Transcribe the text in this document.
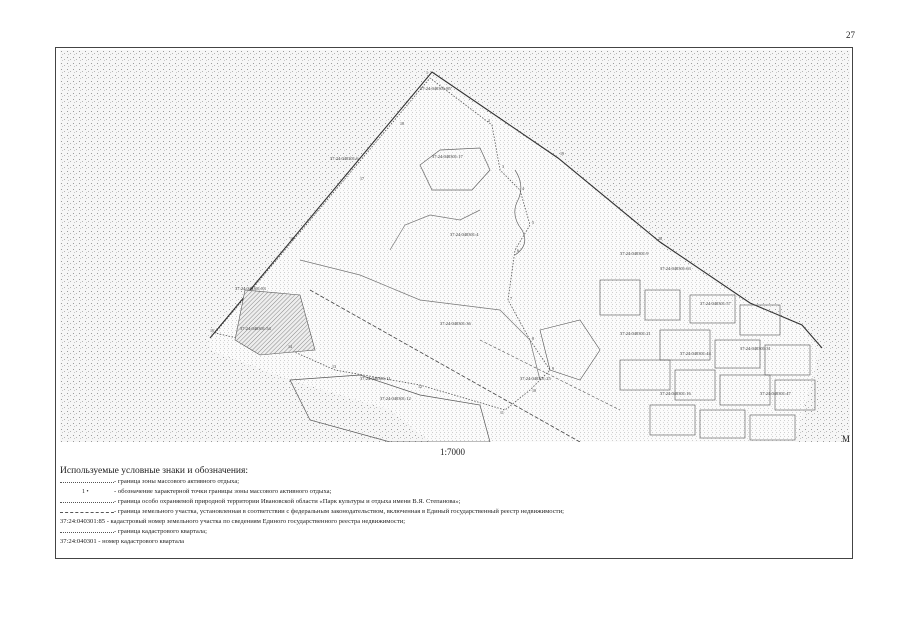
27
37:24:040301:85
37:24:040301:6	37:24:040301:17
37:24:040301:4
37:24:040301:36
37:24:040301:83
37:24:040301:54
37:24:040301:11
37:24:040301:12
37:24:040301:9
37:24:040301:63
37:24:040301:57
37:24:040301:21
37:24:040301:44
37:24:040301:31
37:24:040301:16	37:24:040301:47
37:24:040301:25
1
2
3
4
5
6
7
8
9
10
11
12
13
14
15
16
17
18
19
20
M
1:7000
Используемые условные знаки и обозначения:
- граница зоны массового активного отдыха;
1 •	- обозначение характерной точки границы зоны массового активного отдыха;
- граница особо охраняемой природной территории Ивановской области «Парк культуры и отдыха имени В.Я. Степанова»;
- граница земельного участка, установленная в соответствии с федеральным законодательством, включенная в Единый государственный реестр недвижимости;
37:24:040301:85 - кадастровый номер земельного участка по сведениям Единого государственного реестра недвижимости;
- граница кадастрового квартала;
37:24:040301 - номер кадастрового квартала
